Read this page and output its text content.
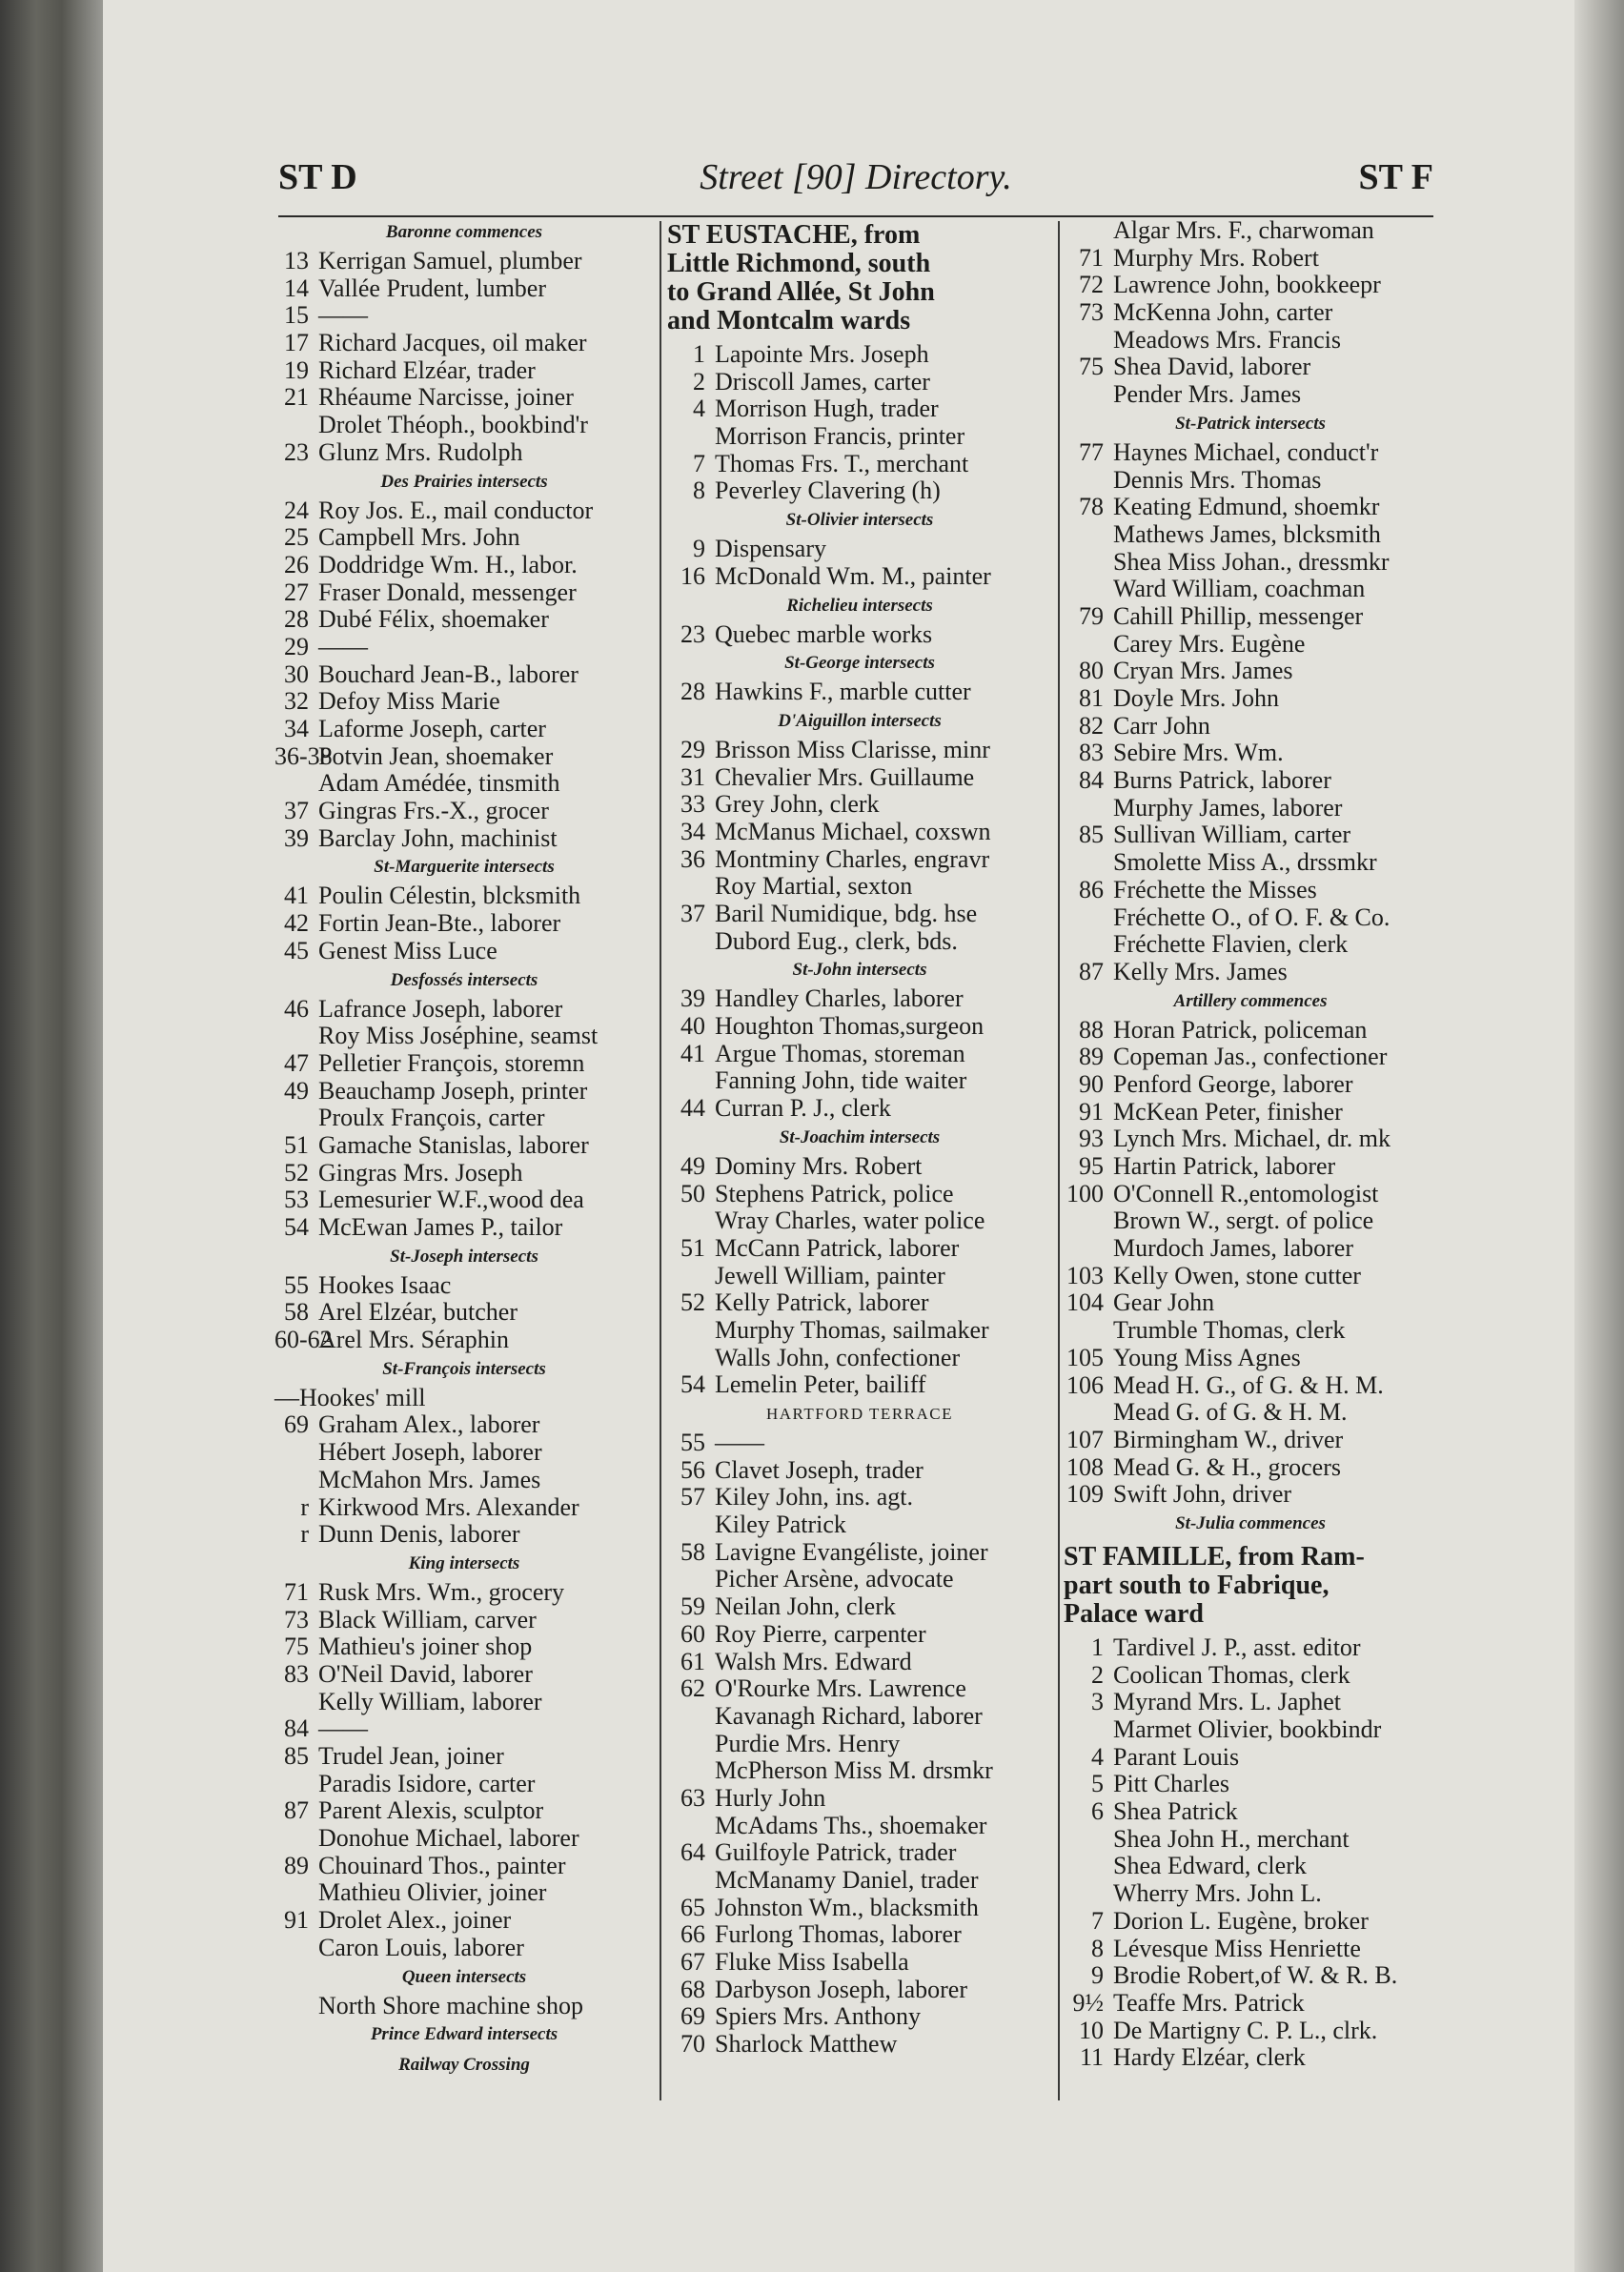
Street [90] Directory.
ST D	ST F
Baronne commences
13 Kerrigan Samuel, plumber
14 Vallée Prudent, lumber
15 ——
17 Richard Jacques, oil maker
19 Richard Elzéar, trader
21 Rhéaume Narcisse, joiner
Drolet Théoph., bookbind'r
23 Glunz Mrs. Rudolph
Des Prairies intersects
24 Roy Jos. E., mail conductor
25 Campbell Mrs. John
26 Doddridge Wm. H., labor.
27 Fraser Donald, messenger
28 Dubé Félix, shoemaker
29 ——
30 Bouchard Jean-B., laborer
32 Defoy Miss Marie
34 Laforme Joseph, carter
36-38
Potvin Jean, shoemaker
Adam Amédée, tinsmith
37 Gingras Frs.-X., grocer
39 Barclay John, machinist
St-Marguerite intersects
41 Poulin Célestin, blcksmith
42 Fortin Jean-Bte., laborer
45 Genest Miss Luce
Desfossés intersects
46 Lafrance Joseph, laborer
Roy Miss Joséphine, seamst
47 Pelletier François, storemn
49 Beauchamp Joseph, printer
Proulx François, carter
51 Gamache Stanislas, laborer
52 Gingras Mrs. Joseph
53 Lemesurier W.F.,wood dea
54 McEwan James P., tailor
St-Joseph intersects
55 Hookes Isaac
58 Arel Elzéar, butcher
60-62
Arel Mrs. Séraphin
St-François intersects
—Hookes' mill
69 Graham Alex., laborer
Hébert Joseph, laborer
McMahon Mrs. James
r Kirkwood Mrs. Alexander
r Dunn Denis, laborer
King intersects
71 Rusk Mrs. Wm., grocery
73 Black William, carver
75 Mathieu's joiner shop
83 O'Neil David, laborer
Kelly William, laborer
84 ——
85 Trudel Jean, joiner
Paradis Isidore, carter
87 Parent Alexis, sculptor
Donohue Michael, laborer
89 Chouinard Thos., painter
Mathieu Olivier, joiner
91 Drolet Alex., joiner
Caron Louis, laborer
Queen intersects
North Shore machine shop
Prince Edward intersects
Railway Crossing
ST EUSTACHE, from
Little Richmond, south
to Grand Allée, St John
and Montcalm wards
1 Lapointe Mrs. Joseph
2 Driscoll James, carter
4 Morrison Hugh, trader
Morrison Francis, printer
7 Thomas Frs. T., merchant
8 Peverley Clavering (h)
St-Olivier intersects
9 Dispensary
16 McDonald Wm. M., painter
Richelieu intersects
23 Quebec marble works
St-George intersects
28 Hawkins F., marble cutter
D'Aiguillon intersects
29 Brisson Miss Clarisse, minr
31 Chevalier Mrs. Guillaume
33 Grey John, clerk
34 McManus Michael, coxswn
36 Montminy Charles, engravr
Roy Martial, sexton
37 Baril Numidique, bdg. hse
Dubord Eug., clerk, bds.
St-John intersects
39 Handley Charles, laborer
40 Houghton Thomas,surgeon
41 Argue Thomas, storeman
Fanning John, tide waiter
44 Curran P. J., clerk
St-Joachim intersects
49 Dominy Mrs. Robert
50 Stephens Patrick, police
Wray Charles, water police
51 McCann Patrick, laborer
Jewell William, painter
52 Kelly Patrick, laborer
Murphy Thomas, sailmaker
Walls John, confectioner
54 Lemelin Peter, bailiff
HARTFORD TERRACE
55 ——
56 Clavet Joseph, trader
57 Kiley John, ins. agt.
Kiley Patrick
58 Lavigne Evangéliste, joiner
Picher Arsène, advocate
59 Neilan John, clerk
60 Roy Pierre, carpenter
61 Walsh Mrs. Edward
62 O'Rourke Mrs. Lawrence
Kavanagh Richard, laborer
Purdie Mrs. Henry
McPherson Miss M. drsmkr
63 Hurly John
McAdams Ths., shoemaker
64 Guilfoyle Patrick, trader
McManamy Daniel, trader
65 Johnston Wm., blacksmith
66 Furlong Thomas, laborer
67 Fluke Miss Isabella
68 Darbyson Joseph, laborer
69 Spiers Mrs. Anthony
70 Sharlock Matthew
Algar Mrs. F., charwoman
71 Murphy Mrs. Robert
72 Lawrence John, bookkeepr
73 McKenna John, carter
Meadows Mrs. Francis
75 Shea David, laborer
Pender Mrs. James
St-Patrick intersects
77 Haynes Michael, conduct'r
Dennis Mrs. Thomas
78 Keating Edmund, shoemkr
Mathews James, blcksmith
Shea Miss Johan., dressmkr
Ward William, coachman
79 Cahill Phillip, messenger
Carey Mrs. Eugène
80 Cryan Mrs. James
81 Doyle Mrs. John
82 Carr John
83 Sebire Mrs. Wm.
84 Burns Patrick, laborer
Murphy James, laborer
85 Sullivan William, carter
Smolette Miss A., drssmkr
86 Fréchette the Misses
Fréchette O., of O. F. & Co.
Fréchette Flavien, clerk
87 Kelly Mrs. James
Artillery commences
88 Horan Patrick, policeman
89 Copeman Jas., confectioner
90 Penford George, laborer
91 McKean Peter, finisher
93 Lynch Mrs. Michael, dr. mk
95 Hartin Patrick, laborer
100 O'Connell R.,entomologist
Brown W., sergt. of police
Murdoch James, laborer
103 Kelly Owen, stone cutter
104 Gear John
Trumble Thomas, clerk
105 Young Miss Agnes
106 Mead H. G., of G. & H. M.
Mead G. of G. & H. M.
107 Birmingham W., driver
108 Mead G. & H., grocers
109 Swift John, driver
St-Julia commences
ST FAMILLE, from Ram-
part south to Fabrique,
Palace ward
1 Tardivel J. P., asst. editor
2 Coolican Thomas, clerk
3 Myrand Mrs. L. Japhet
Marmet Olivier, bookbindr
4 Parant Louis
5 Pitt Charles
6 Shea Patrick
Shea John H., merchant
Shea Edward, clerk
Wherry Mrs. John L.
7 Dorion L. Eugène, broker
8 Lévesque Miss Henriette
9 Brodie Robert,of W. & R. B.
9½ Teaffe Mrs. Patrick
10 De Martigny C. P. L., clrk.
11 Hardy Elzéar, clerk
